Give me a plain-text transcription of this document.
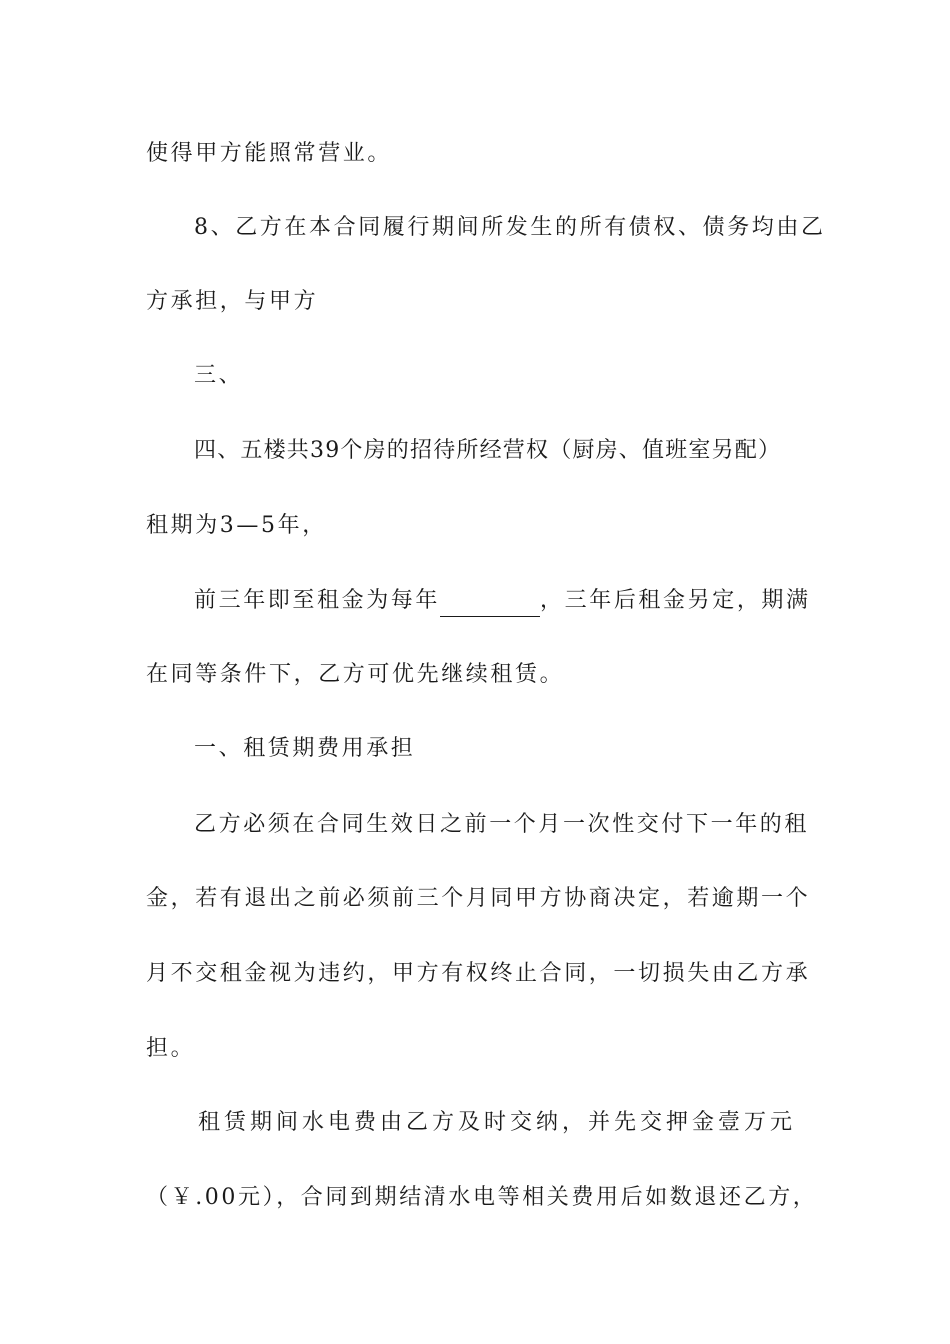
使得甲方能照常营业。
8、乙方在本合同履行期间所发生的所有债权、债务均由乙
方承担，与甲方
三、
四、五楼共39个房的招待所经营权（厨房、值班室另配）
租期为3—5年，
前三年即至租金为每年	，三年后租金另定，期满
在同等条件下，乙方可优先继续租赁。
一、租赁期费用承担
乙方必须在合同生效日之前一个月一次性交付下一年的租
金，若有退出之前必须前三个月同甲方协商决定，若逾期一个
月不交租金视为违约，甲方有权终止合同，一切损失由乙方承
担。
租赁期间水电费由乙方及时交纳，并先交押金壹万元
（￥.00元），合同到期结清水电等相关费用后如数退还乙方，
